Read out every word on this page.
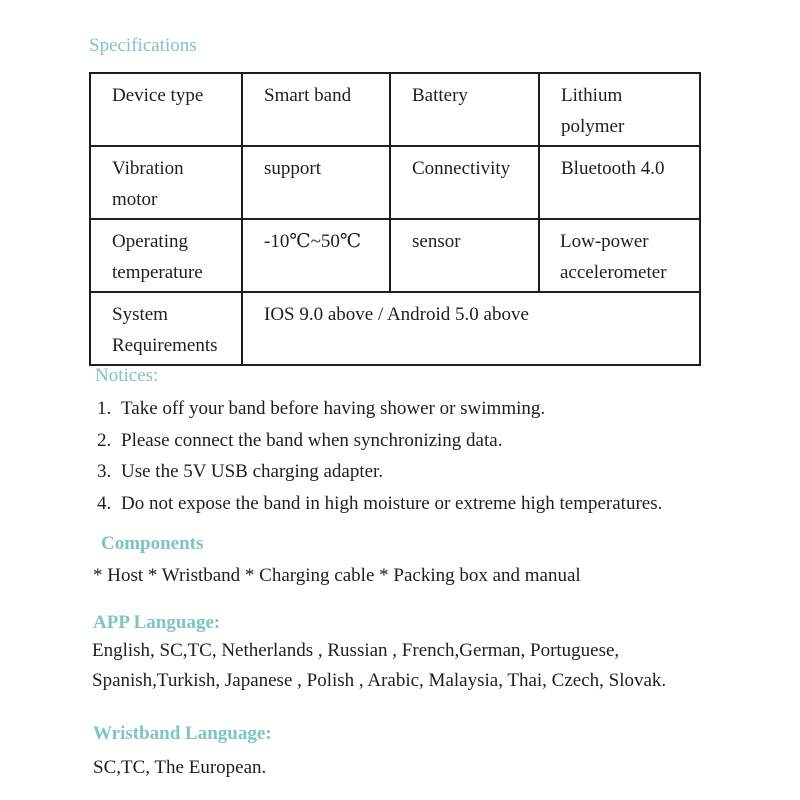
Specifications
Device type	Smart band	Battery	Lithium polymer

Vibration motor	support	Connectivity	Bluetooth 4.0

Operating temperature	-10℃~50℃	sensor	Low-power accelerometer

System Requirements	IOS 9.0 above / Android 5.0 above		
Notices:
1. Take off your band before having shower or swimming.
2. Please connect the band when synchronizing data.
3. Use the 5V USB charging adapter.
4. Do not expose the band in high moisture or extreme high temperatures.
Components
* Host * Wristband * Charging cable * Packing box and manual
APP Language:
English, SC,TC, Netherlands , Russian , French,German, Portuguese,
Spanish,Turkish, Japanese , Polish , Arabic, Malaysia, Thai, Czech, Slovak.
Wristband Language:
SC,TC, The European.
